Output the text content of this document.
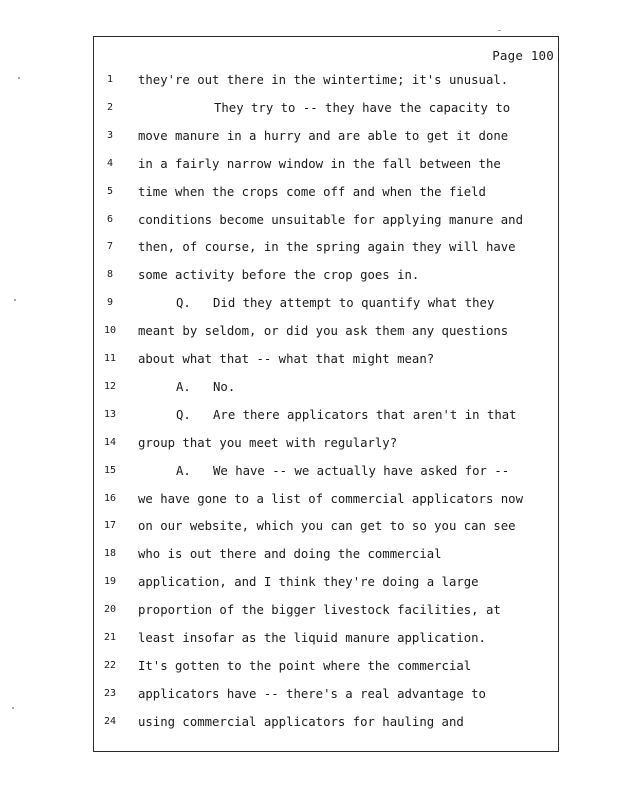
Page 100
1 they're out there in the wintertime; it's unusual.
2	They try to -- they have the capacity to
3 move manure in a hurry and are able to get it done
4 in a fairly narrow window in the fall between the
5 time when the crops come off and when the field
6 conditions become unsuitable for applying manure and
7 then, of course, in the spring again they will have
8 some activity before the crop goes in.
9	Q.   Did they attempt to quantify what they
10 meant by seldom, or did you ask them any questions
11 about what that -- what that might mean?
12	A.   No.
13	Q.   Are there applicators that aren't in that
14 group that you meet with regularly?
15	A.   We have -- we actually have asked for --
16 we have gone to a list of commercial applicators now
17 on our website, which you can get to so you can see
18 who is out there and doing the commercial
19 application, and I think they're doing a large
20 proportion of the bigger livestock facilities, at
21 least insofar as the liquid manure application.
22 It's gotten to the point where the commercial
23 applicators have -- there's a real advantage to
24 using commercial applicators for hauling and
